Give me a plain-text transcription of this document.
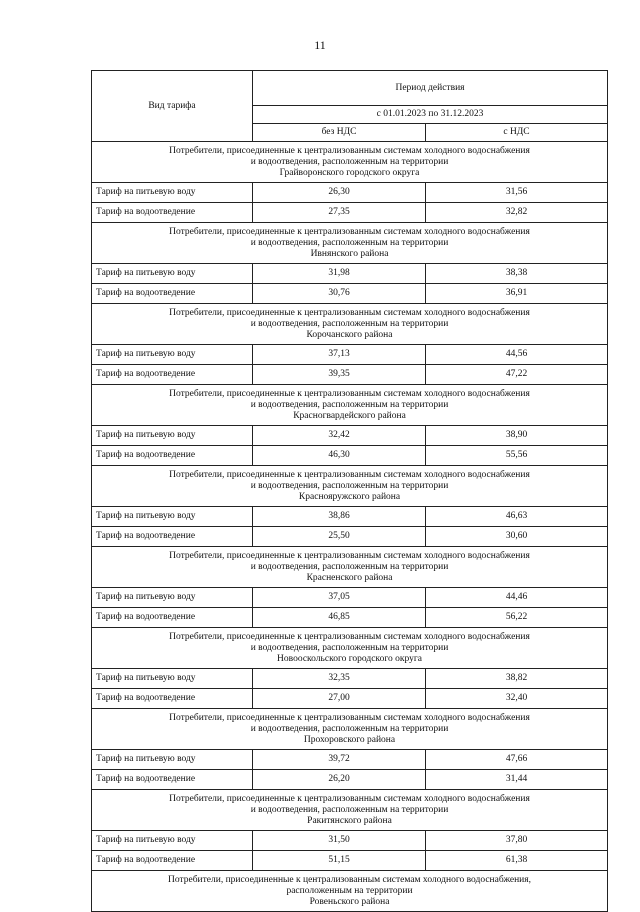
11
Вид тарифа	Период действия	
	с 01.01.2023 по 31.12.2023	
	без НДС	с НДС

Потребители, присоединенные к централизованным системам холодного водоснабжения
и водоотведения, расположенным на территории
Грайворонского городского округа		

Тариф на питьевую воду	26,30	31,56
Тариф на водоотведение	27,35	32,82

Потребители, присоединенные к централизованным системам холодного водоснабжения
и водоотведения, расположенным на территории
Ивнянского района		

Тариф на питьевую воду	31,98	38,38
Тариф на водоотведение	30,76	36,91

Потребители, присоединенные к централизованным системам холодного водоснабжения
и водоотведения, расположенным на территории
Корочанского района		

Тариф на питьевую воду	37,13	44,56
Тариф на водоотведение	39,35	47,22

Потребители, присоединенные к централизованным системам холодного водоснабжения
и водоотведения, расположенным на территории
Красногвардейского района		

Тариф на питьевую воду	32,42	38,90
Тариф на водоотведение	46,30	55,56

Потребители, присоединенные к централизованным системам холодного водоснабжения
и водоотведения, расположенным на территории
Краснояружского района		

Тариф на питьевую воду	38,86	46,63
Тариф на водоотведение	25,50	30,60

Потребители, присоединенные к централизованным системам холодного водоснабжения
и водоотведения, расположенным на территории
Красненского района		

Тариф на питьевую воду	37,05	44,46
Тариф на водоотведение	46,85	56,22

Потребители, присоединенные к централизованным системам холодного водоснабжения
и водоотведения, расположенным на территории
Новооскольского городского округа		

Тариф на питьевую воду	32,35	38,82
Тариф на водоотведение	27,00	32,40

Потребители, присоединенные к централизованным системам холодного водоснабжения
и водоотведения, расположенным на территории
Прохоровского района		

Тариф на питьевую воду	39,72	47,66
Тариф на водоотведение	26,20	31,44

Потребители, присоединенные к централизованным системам холодного водоснабжения
и водоотведения, расположенным на территории
Ракитянского района		

Тариф на питьевую воду	31,50	37,80
Тариф на водоотведение	51,15	61,38

Потребители, присоединенные к централизованным системам холодного водоснабжения,
расположенным на территории
Ровеньского района		
